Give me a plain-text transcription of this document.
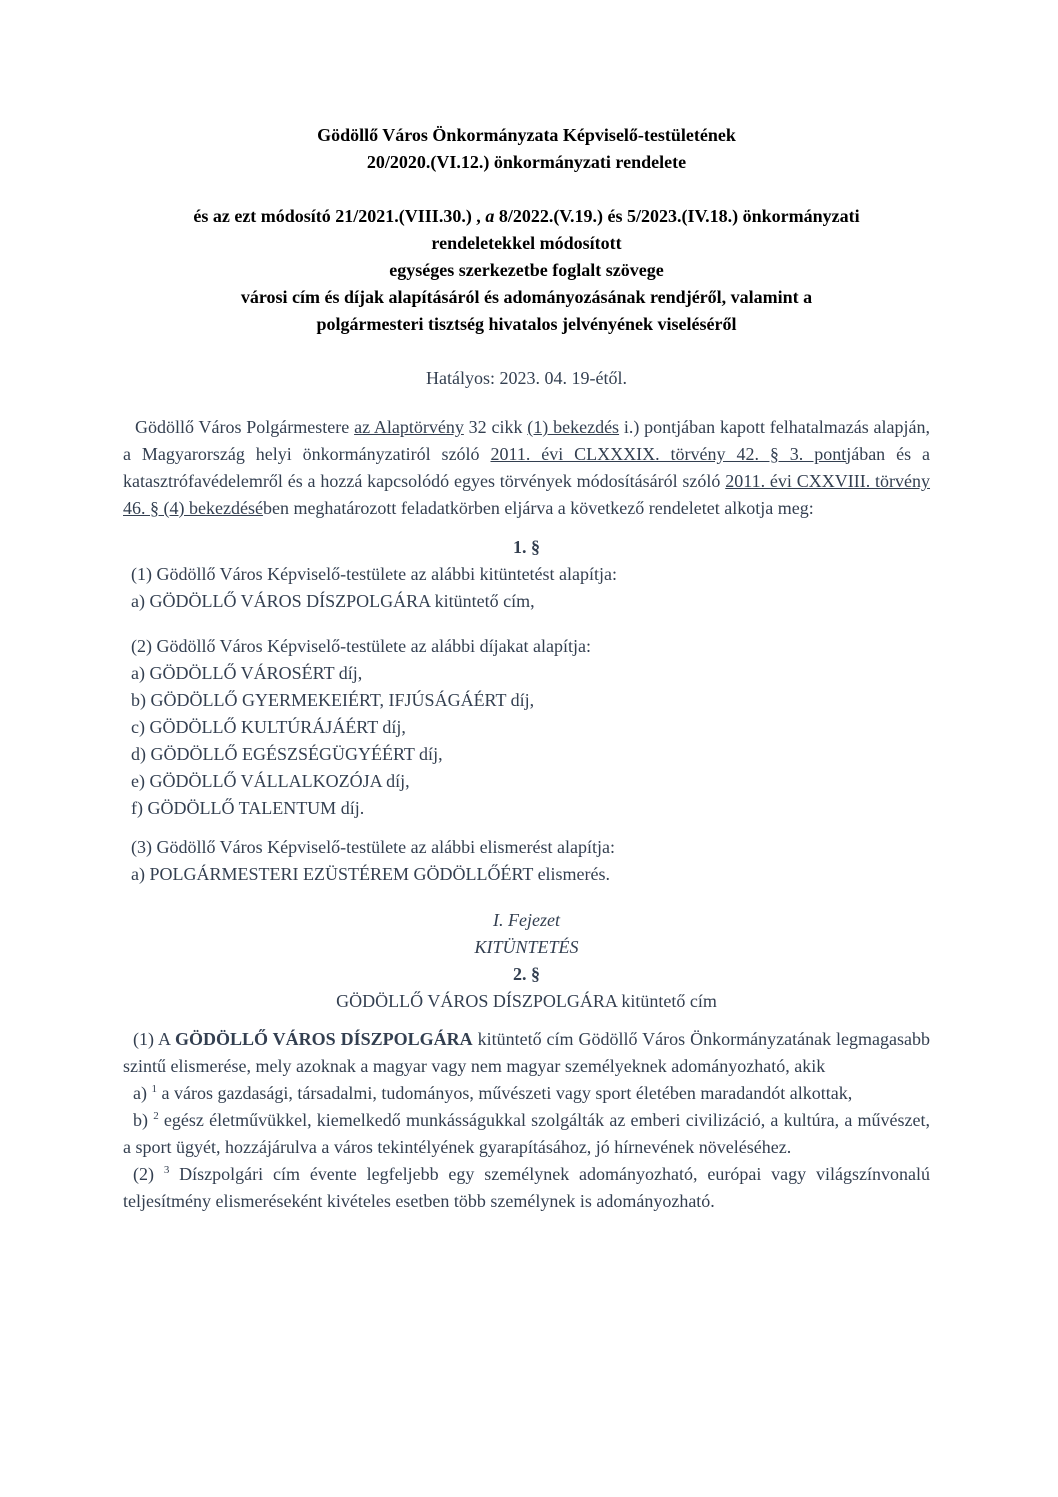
Gödöllő Város Önkormányzata Képviselő-testületének
20/2020.(VI.12.) önkormányzati rendelete
és az ezt módosító 21/2021.(VIII.30.) , a 8/2022.(V.19.) és 5/2023.(IV.18.) önkormányzati
rendeletekkel módosított
egységes szerkezetbe foglalt szövege
városi cím és díjak alapításáról és adományozásának rendjéről, valamint a
polgármesteri tisztség hivatalos jelvényének viseléséről
Hatályos: 2023. 04. 19-étől.

Gödöllő Város Polgármestere az Alaptörvény 32 cikk (1) bekezdés i.) pontjában kapott felhatalmazás alapján, a Magyarország helyi önkormányzatiról szóló 2011. évi CLXXXIX. törvény 42. § 3. pontjában és a katasztrófavédelemről és a hozzá kapcsolódó egyes törvények módosításáról szóló 2011. évi CXXVIII. törvény 46. § (4) bekezdésében meghatározott feladatkörben eljárva a következő rendeletet alkotja meg:

1. §
(1) Gödöllő Város Képviselő-testülete az alábbi kitüntetést alapítja:
a) GÖDÖLLŐ VÁROS DÍSZPOLGÁRA kitüntető cím,
(2) Gödöllő Város Képviselő-testülete az alábbi díjakat alapítja:
a) GÖDÖLLŐ VÁROSÉRT díj,
b) GÖDÖLLŐ GYERMEKEIÉRT, IFJÚSÁGÁÉRT díj,
c) GÖDÖLLŐ KULTÚRÁJÁÉRT díj,
d) GÖDÖLLŐ EGÉSZSÉGÜGYÉÉRT díj,
e) GÖDÖLLŐ VÁLLALKOZÓJA díj,
f) GÖDÖLLŐ TALENTUM díj.
(3) Gödöllő Város Képviselő-testülete az alábbi elismerést alapítja:
a) POLGÁRMESTERI EZÜSTÉREM GÖDÖLLŐÉRT elismerés.
I. Fejezet
KITÜNTETÉS
2. §
GÖDÖLLŐ VÁROS DÍSZPOLGÁRA kitüntető cím

(1) A GÖDÖLLŐ VÁROS DÍSZPOLGÁRA kitüntető cím Gödöllő Város Önkormányzatának legmagasabb szintű elismerése, mely azoknak a magyar vagy nem magyar személyeknek adományozható, akik

a) $^1$ a város gazdasági, társadalmi, tudományos, művészeti vagy sport életében maradandót alkottak,

b) $^2$ egész életművükkel, kiemelkedő munkásságukkal szolgálták az emberi civilizáció, a kultúra, a művészet, a sport ügyét, hozzájárulva a város tekintélyének gyarapításához, jó hírnevének növeléséhez.

(2) $^3$ Díszpolgári cím évente legfeljebb egy személynek adományozható, európai vagy világszínvonalú teljesítmény elismeréseként kivételes esetben több személynek is adományozható.
